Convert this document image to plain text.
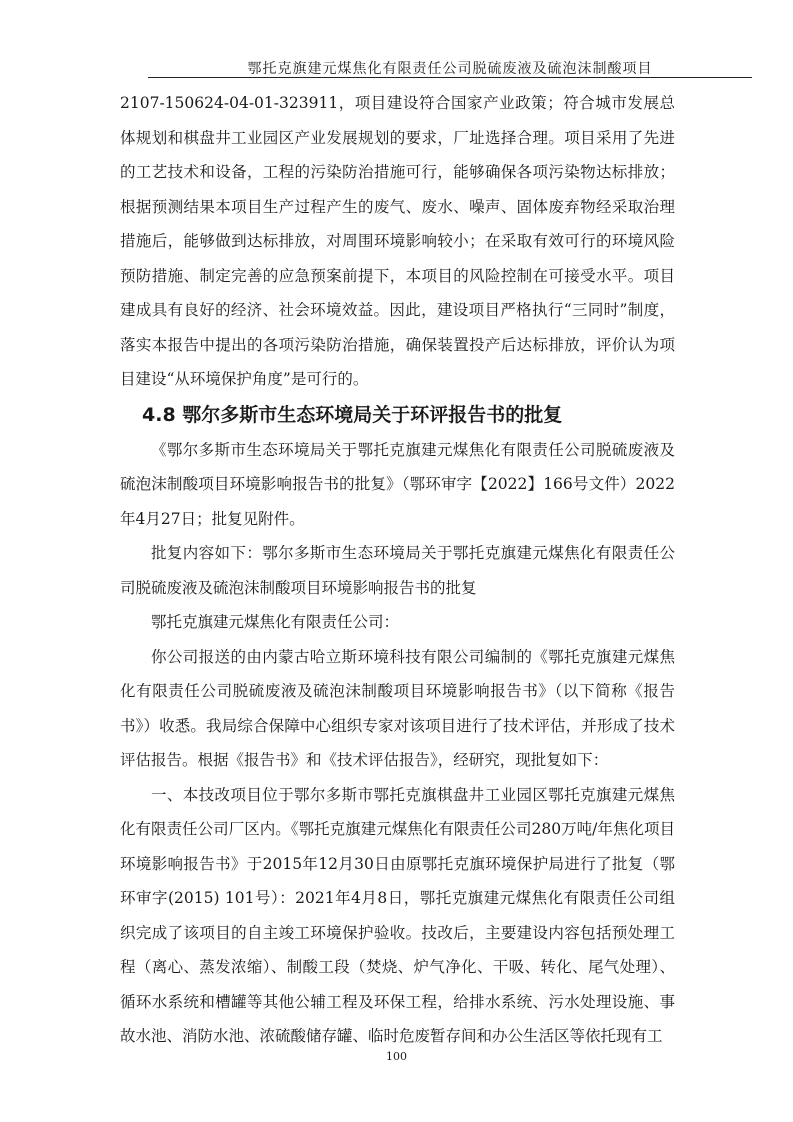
鄂托克旗建元煤焦化有限责任公司脱硫废液及硫泡沫制酸项目

2107-150624-04-01-323911，项目建设符合国家产业政策；符合城市发展总体规划和棋盘井工业园区产业发展规划的要求，厂址选择合理。项目采用了先进的工艺技术和设备，工程的污染防治措施可行，能够确保各项污染物达标排放；根据预测结果本项目生产过程产生的废气、废水、噪声、固体废弃物经采取治理措施后，能够做到达标排放，对周围环境影响较小；在采取有效可行的环境风险预防措施、制定完善的应急预案前提下，本项目的风险控制在可接受水平。项目建成具有良好的经济、社会环境效益。因此，建设项目严格执行“三同时”制度，落实本报告中提出的各项污染防治措施，确保装置投产后达标排放，评价认为项目建设“从环境保护角度”是可行的。

4.8 鄂尔多斯市生态环境局关于环评报告书的批复

《鄂尔多斯市生态环境局关于鄂托克旗建元煤焦化有限责任公司脱硫废液及硫泡沫制酸项目环境影响报告书的批复》（鄂环审字【2022】166号文件）2022年4月27日；批复见附件。

批复内容如下：鄂尔多斯市生态环境局关于鄂托克旗建元煤焦化有限责任公司脱硫废液及硫泡沫制酸项目环境影响报告书的批复

鄂托克旗建元煤焦化有限责任公司：

你公司报送的由内蒙古哈立斯环境科技有限公司编制的《鄂托克旗建元煤焦化有限责任公司脱硫废液及硫泡沫制酸项目环境影响报告书》（以下简称《报告书》）收悉。我局综合保障中心组织专家对该项目进行了技术评估，并形成了技术评估报告。根据《报告书》和《技术评估报告》，经研究，现批复如下：

一、本技改项目位于鄂尔多斯市鄂托克旗棋盘井工业园区鄂托克旗建元煤焦化有限责任公司厂区内。《鄂托克旗建元煤焦化有限责任公司280万吨/年焦化项目环境影响报告书》于2015年12月30日由原鄂托克旗环境保护局进行了批复（鄂环审字(2015) 101号）：2021年4月8日，鄂托克旗建元煤焦化有限责任公司组织完成了该项目的自主竣工环境保护验收。技改后，主要建设内容包括预处理工程（离心、蒸发浓缩）、制酸工段（焚烧、炉气净化、干吸、转化、尾气处理）、循环水系统和槽罐等其他公辅工程及环保工程，给排水系统、污水处理设施、事故水池、消防水池、浓硫酸储存罐、临时危废暂存间和办公生活区等依托现有工

100
